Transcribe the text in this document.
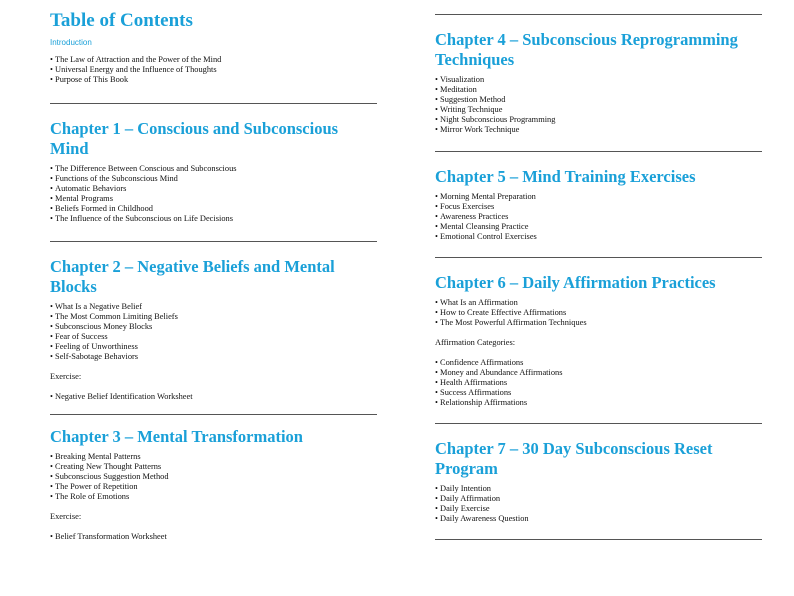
Table of Contents
Introduction
• The Law of Attraction and the Power of the Mind
• Universal Energy and the Influence of Thoughts
• Purpose of This Book
Chapter 1 – Conscious and Subconscious Mind
• The Difference Between Conscious and Subconscious
• Functions of the Subconscious Mind
• Automatic Behaviors
• Mental Programs
• Beliefs Formed in Childhood
• The Influence of the Subconscious on Life Decisions
Chapter 2 – Negative Beliefs and Mental Blocks
• What Is a Negative Belief
• The Most Common Limiting Beliefs
• Subconscious Money Blocks
• Fear of Success
• Feeling of Unworthiness
• Self-Sabotage Behaviors

Exercise:

• Negative Belief Identification Worksheet
Chapter 3 – Mental Transformation
• Breaking Mental Patterns
• Creating New Thought Patterns
• Subconscious Suggestion Method
• The Power of Repetition
• The Role of Emotions

Exercise:

• Belief Transformation Worksheet
Chapter 4 – Subconscious Reprogramming Techniques
• Visualization
• Meditation
• Suggestion Method
• Writing Technique
• Night Subconscious Programming
• Mirror Work Technique
Chapter 5 – Mind Training Exercises
• Morning Mental Preparation
• Focus Exercises
• Awareness Practices
• Mental Cleansing Practice
• Emotional Control Exercises
Chapter 6 – Daily Affirmation Practices
• What Is an Affirmation
• How to Create Effective Affirmations
• The Most Powerful Affirmation Techniques

Affirmation Categories:

• Confidence Affirmations
• Money and Abundance Affirmations
• Health Affirmations
• Success Affirmations
• Relationship Affirmations
Chapter 7 – 30 Day Subconscious Reset Program
• Daily Intention
• Daily Affirmation
• Daily Exercise
• Daily Awareness Question
